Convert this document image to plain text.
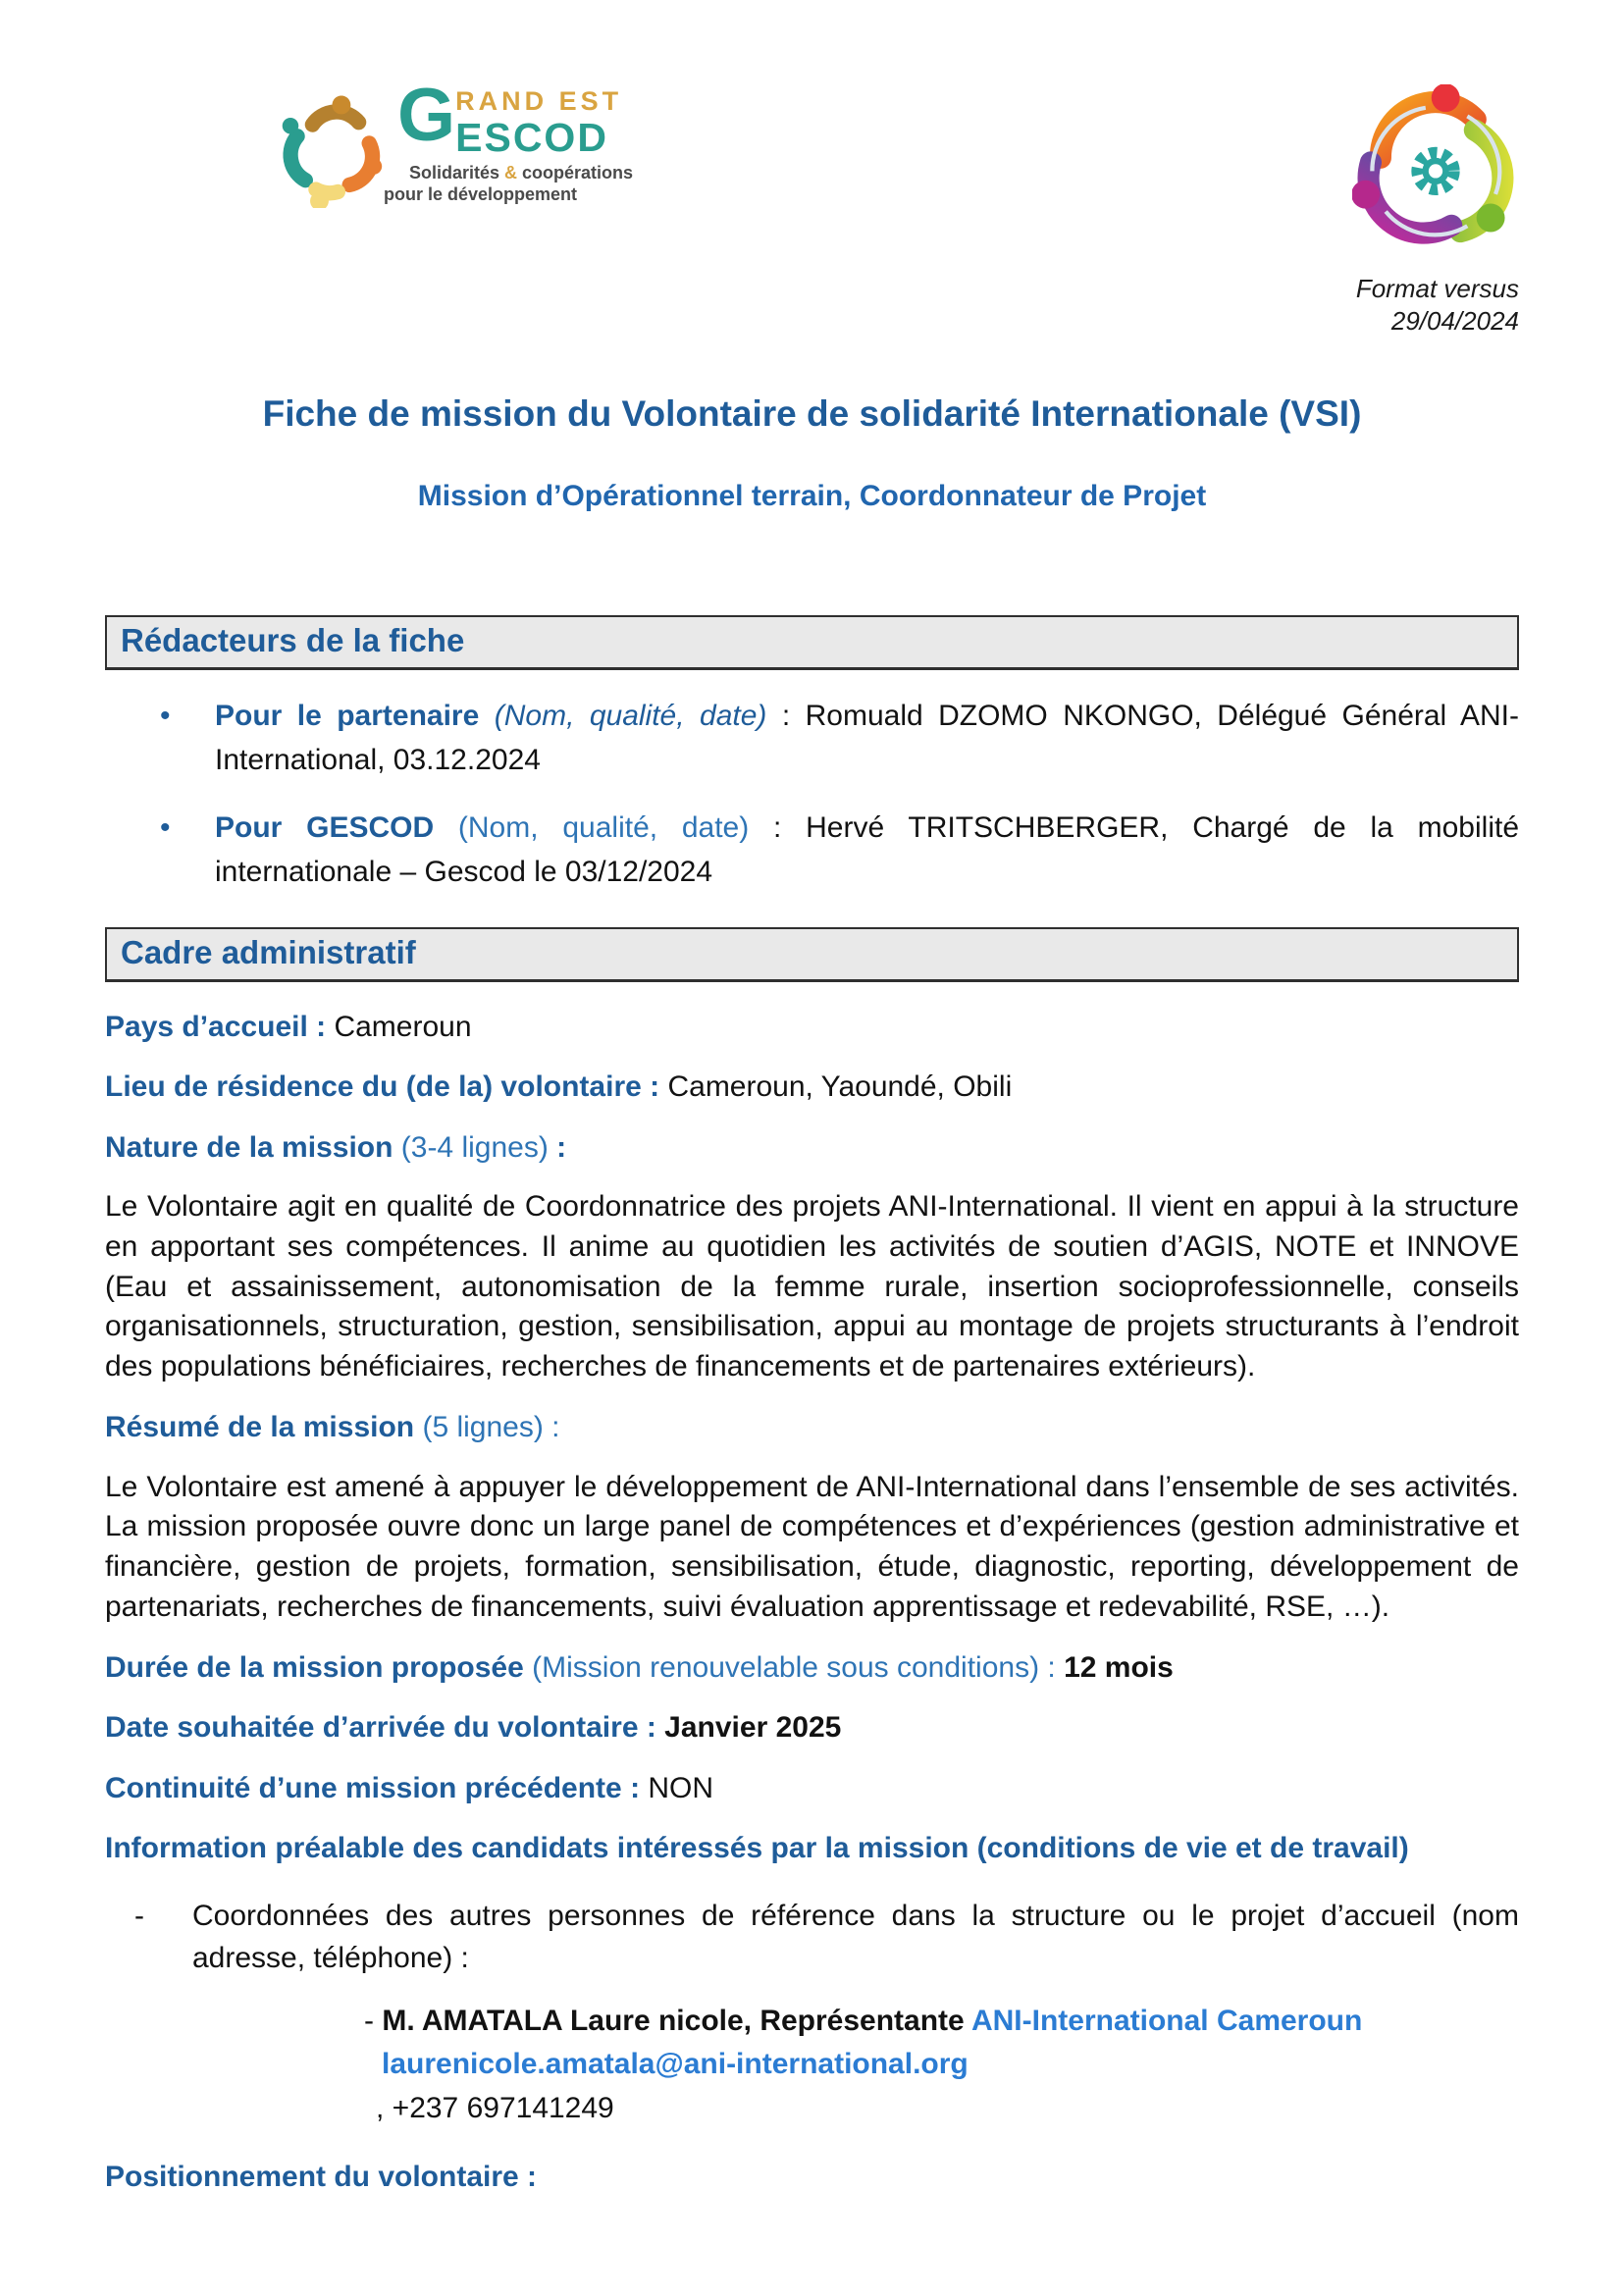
G RAND EST
ESCOD
Solidarités & coopérations
pour le développement
Format versus
29/04/2024
Fiche de mission du Volontaire de solidarité Internationale (VSI)
Mission d’Opérationnel terrain, Coordonnateur de Projet
Rédacteurs de la fiche
• Pour le partenaire (Nom, qualité, date) : Romuald DZOMO NKONGO, Délégué Général ANI-International, 03.12.2024
• Pour GESCOD (Nom, qualité, date) : Hervé TRITSCHBERGER, Chargé de la mobilité internationale – Gescod le 03/12/2024
Cadre administratif
Pays d’accueil : Cameroun
Lieu de résidence du (de la) volontaire : Cameroun, Yaoundé, Obili
Nature de la mission (3-4 lignes) :

Le Volontaire agit en qualité de Coordonnatrice des projets ANI-International. Il vient en appui à la structure en apportant ses compétences. Il anime au quotidien les activités de soutien d’AGIS, NOTE et INNOVE (Eau et assainissement, autonomisation de la femme rurale, insertion socioprofessionnelle, conseils organisationnels, structuration, gestion, sensibilisation, appui au montage de projets structurants à l’endroit des populations bénéficiaires, recherches de financements et de partenaires extérieurs).

Résumé de la mission (5 lignes) :

Le Volontaire est amené à appuyer le développement de ANI-International dans l’ensemble de ses activités. La mission proposée ouvre donc un large panel de compétences et d’expériences (gestion administrative et financière, gestion de projets, formation, sensibilisation, étude, diagnostic, reporting, développement de partenariats, recherches de financements, suivi évaluation apprentissage et redevabilité, RSE, …).

Durée de la mission proposée (Mission renouvelable sous conditions) : 12 mois
Date souhaitée d’arrivée du volontaire : Janvier 2025
Continuité d’une mission précédente : NON
Information préalable des candidats intéressés par la mission (conditions de vie et de travail)
- Coordonnées des autres personnes de référence dans la structure ou le projet d’accueil (nom adresse, téléphone) :
- M. AMATALA Laure nicole, Représentante ANI-International Cameroun
laurenicole.amatala@ani-international.org
, +237 697141249
Positionnement du volontaire :
